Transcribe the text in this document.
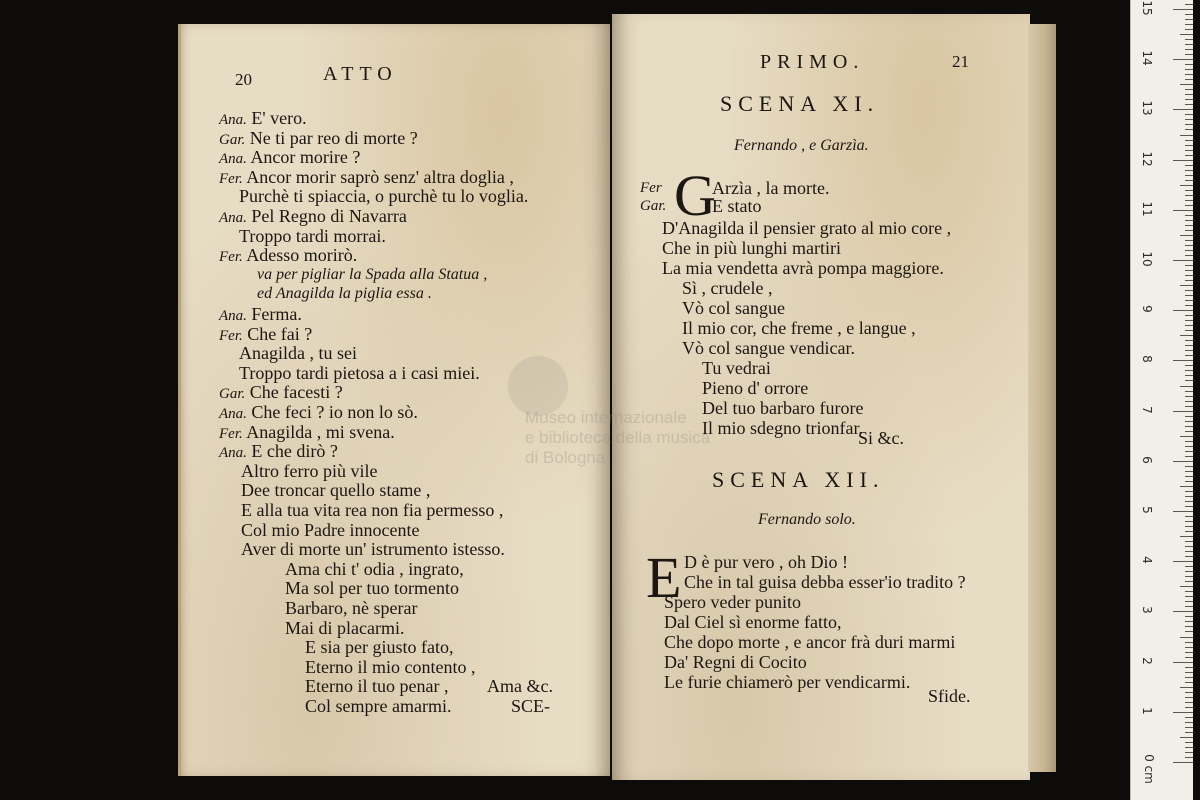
20	ATTO
Ana. E' vero.
Gar. Ne ti par reo di morte ?
Ana. Ancor morire ?
Fer. Ancor morir saprò senz' altra doglia ,
Purchè ti spiaccia, o purchè tu lo voglia.
Ana. Pel Regno di Navarra
Troppo tardi morrai.
Fer. Adesso morirò.
va per pigliar la Spada alla Statua ,
ed Anagilda la piglia essa .
Ana. Ferma.
Fer. Che fai ?
Anagilda , tu sei
Troppo tardi pietosa a i casi miei.
Gar. Che facesti ?
Ana. Che feci ? io non lo sò.
Fer. Anagilda , mi svena.
Ana. E che dirò ?
Altro ferro più vile
Dee troncar quello stame ,
E alla tua vita rea non fia permesso ,
Col mio Padre innocente
Aver di morte un' istrumento istesso.
Ama chi t' odia , ingrato,
Ma sol per tuo tormento
Barbaro, nè sperar
Mai di placarmi.
E sia per giusto fato,
Eterno il mio contento ,
Eterno il tuo penar ,
Col sempre amarmi.
Ama &c.
SCE-
PRIMO.	21
SCENA XI.
Fernando , e Garzìa.
Fer
Gar. G
Arzìa , la morte.
E stato
D'Anagilda il pensier grato al mio core ,
Che in più lunghi martiri
La mia vendetta avrà pompa maggiore.
Sì , crudele ,
Vò col sangue
Il mio cor, che freme , e langue ,
Vò col sangue vendicar.
Tu vedrai
Pieno d' orrore
Del tuo barbaro furore
Il mio sdegno trionfar.
Si &c.
SCENA XII.
Fernando solo.
E D è pur vero , oh Dio !
Che in tal guisa debba esser'io tradito ?
Spero veder punito
Dal Ciel sì enorme fatto,
Che dopo morte , e ancor frà duri marmi
Da' Regni di Cocito
Le furie chiamerò per vendicarmi.
Sfide.
Museo internazionale
e biblioteca della musica
di Bologna
0 cm
1
2
3
4
5
6
7
8
9
10
11
12
13
14
15
